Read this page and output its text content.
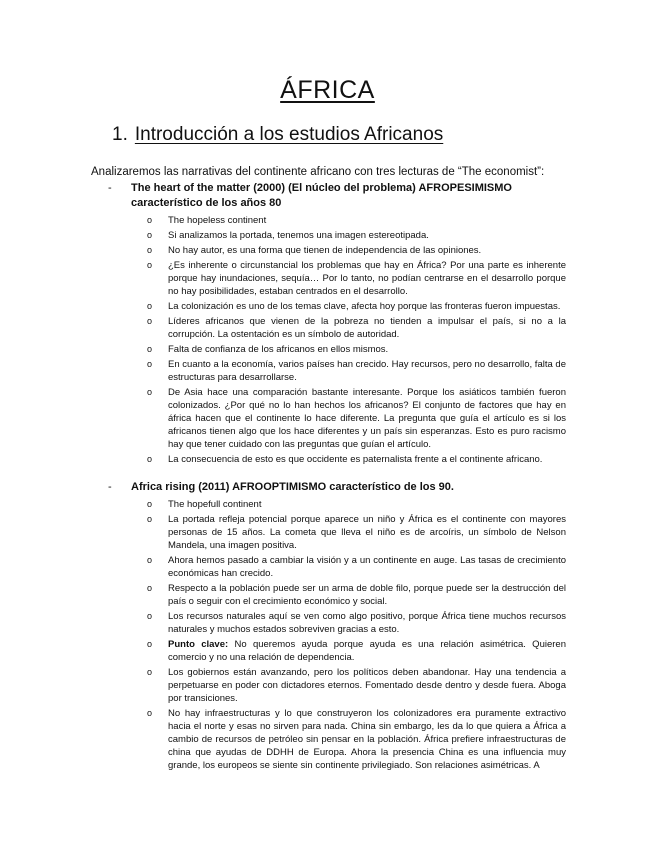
ÁFRICA
1. Introducción a los estudios Africanos
Analizaremos las narrativas del continente africano con tres lecturas de “The economist”:
- The heart of the matter (2000) (El núcleo del problema) AFROPESIMISMO característico de los años 80
o The hopeless continent
o Si analizamos la portada, tenemos una imagen estereotipada.
o No hay autor, es una forma que tienen de independencia de las opiniones.
o ¿Es inherente o circunstancial los problemas que hay en África? Por una parte es inherente porque hay inundaciones, sequía… Por lo tanto, no podían centrarse en el desarrollo porque no hay posibilidades, estaban centrados en el desarrollo.
o La colonización es uno de los temas clave, afecta hoy porque las fronteras fueron impuestas.
o Líderes africanos que vienen de la pobreza no tienden a impulsar el país, si no a la corrupción. La ostentación es un símbolo de autoridad.
o Falta de confianza de los africanos en ellos mismos.
o En cuanto a la economía, varios países han crecido. Hay recursos, pero no desarrollo, falta de estructuras para desarrollarse.
o De Asia hace una comparación bastante interesante. Porque los asiáticos también fueron colonizados. ¿Por qué no lo han hechos los africanos? El conjunto de factores que hay en áfrica hacen que el continente lo hace diferente. La pregunta que guía el artículo es si los africanos tienen algo que los hace diferentes y un país sin esperanzas. Esto es puro racismo hay que tener cuidado con las preguntas que guían el artículo.
o La consecuencia de esto es que occidente es paternalista frente a el continente africano.
- Africa rising (2011) AFROOPTIMISMO característico de los 90.
o The hopefull continent
o La portada refleja potencial porque aparece un niño y África es el continente con mayores personas de 15 años. La cometa que lleva el niño es de arcoíris, un símbolo de Nelson Mandela, una imagen positiva.
o Ahora hemos pasado a cambiar la visión y a un continente en auge. Las tasas de crecimiento económicas han crecido.
o Respecto a la población puede ser un arma de doble filo, porque puede ser la destrucción del país o seguir con el crecimiento económico y social.
o Los recursos naturales aquí se ven como algo positivo, porque África tiene muchos recursos naturales y muchos estados sobreviven gracias a esto.
o Punto clave: No queremos ayuda porque ayuda es una relación asimétrica. Quieren comercio y no una relación de dependencia.
o Los gobiernos están avanzando, pero los políticos deben abandonar. Hay una tendencia a perpetuarse en poder con dictadores eternos. Fomentado desde dentro y desde fuera. Aboga por transiciones.
o No hay infraestructuras y lo que construyeron los colonizadores era puramente extractivo hacia el norte y esas no sirven para nada. China sin embargo, les da lo que quiera a África a cambio de recursos de petróleo sin pensar en la población. África prefiere infraestructuras de china que ayudas de DDHH de Europa. Ahora la presencia China es una influencia muy grande, los europeos se siente sin continente privilegiado. Son relaciones asimétricas. A
